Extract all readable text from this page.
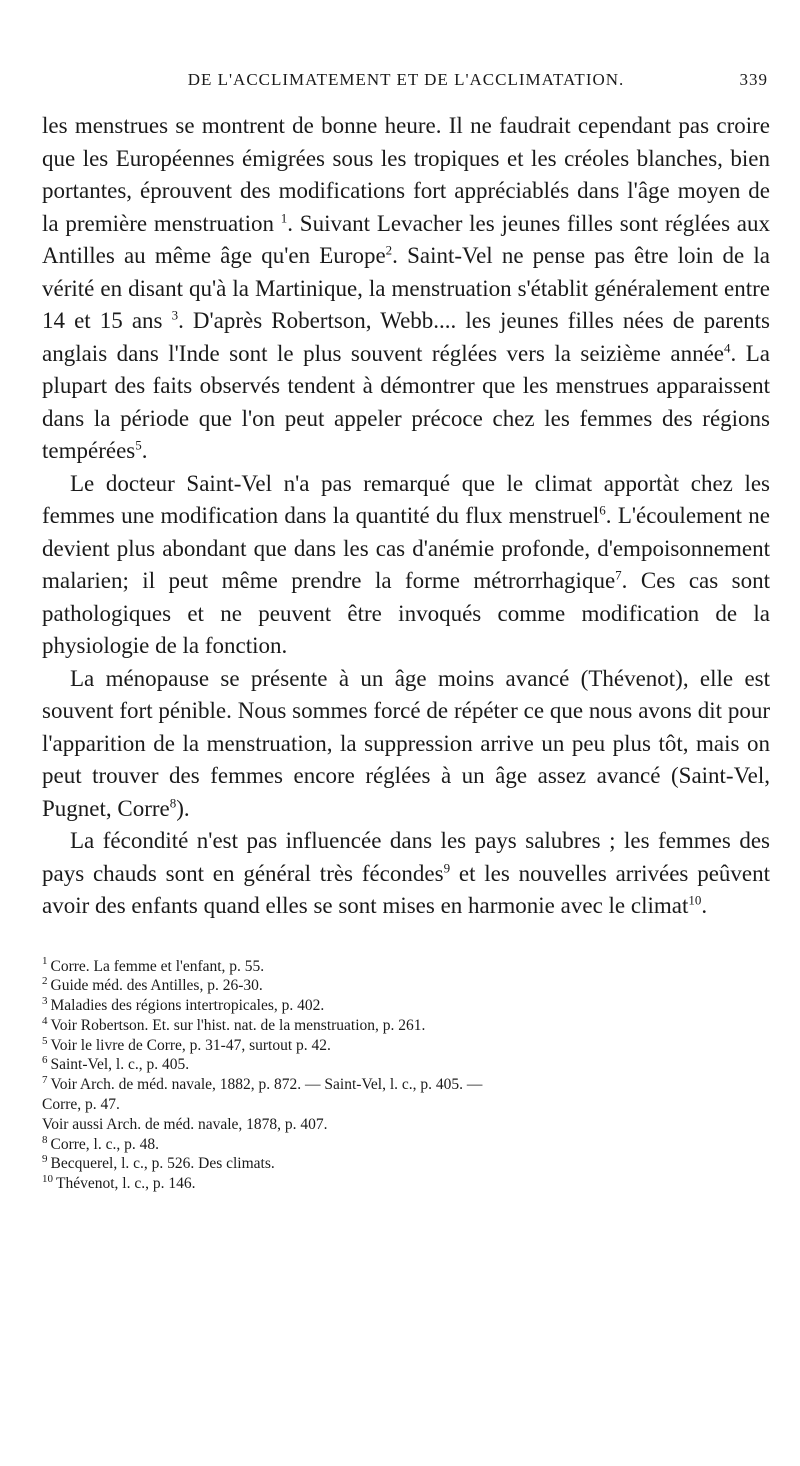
DE L'ACCLIMATEMENT ET DE L'ACCLIMATATION.	339

les menstrues se montrent de bonne heure. Il ne faudrait cependant pas croire que les Européennes émigrées sous les tropiques et les créoles blanches, bien portantes, éprouvent des modifications fort appréciablés dans l'âge moyen de la première menstruation $^1$. Suivant Levacher les jeunes filles sont réglées aux Antilles au même âge qu'en Europe$^2$. Saint-Vel ne pense pas être loin de la vérité en disant qu'à la Martinique, la menstruation s'établit généralement entre 14 et 15 ans $^3$. D'après Robertson, Webb.... les jeunes filles nées de parents anglais dans l'Inde sont le plus souvent réglées vers la seizième année$^4$. La plupart des faits observés tendent à démontrer que les menstrues apparaissent dans la période que l'on peut appeler précoce chez les femmes des régions tempérées$^5$.

Le docteur Saint-Vel n'a pas remarqué que le climat apportàt chez les femmes une modification dans la quantité du flux menstruel$^6$. L'écoulement ne devient plus abondant que dans les cas d'anémie profonde, d'empoisonnement malarien; il peut même prendre la forme métrorrhagique$^7$. Ces cas sont pathologiques et ne peuvent être invoqués comme modification de la physiologie de la fonction.

La ménopause se présente à un âge moins avancé (Thévenot), elle est souvent fort pénible. Nous sommes forcé de répéter ce que nous avons dit pour l'apparition de la menstruation, la suppression arrive un peu plus tôt, mais on peut trouver des femmes encore réglées à un âge assez avancé (Saint-Vel, Pugnet, Corre$^8$).

La fécondité n'est pas influencée dans les pays salubres ; les femmes des pays chauds sont en général très fécondes$^9$ et les nouvelles arrivées peûvent avoir des enfants quand elles se sont mises en harmonie avec le climat$^{10}$.

$^1$ Corre. La femme et l'enfant, p. 55.
$^2$ Guide méd. des Antilles, p. 26-30.
$^3$ Maladies des régions intertropicales, p. 402.
$^4$ Voir Robertson. Et. sur l'hist. nat. de la menstruation, p. 261.
$^5$ Voir le livre de Corre, p. 31-47, surtout p. 42.
$^6$ Saint-Vel, l. c., p. 405.
$^7$ Voir Arch. de méd. navale, 1882, p. 872. — Saint-Vel, l. c., p. 405. —
Corre, p. 47.
Voir aussi Arch. de méd. navale, 1878, p. 407.
$^8$ Corre, l. c., p. 48.
$^9$ Becquerel, l. c., p. 526. Des climats.
$^{10}$ Thévenot, l. c., p. 146.
